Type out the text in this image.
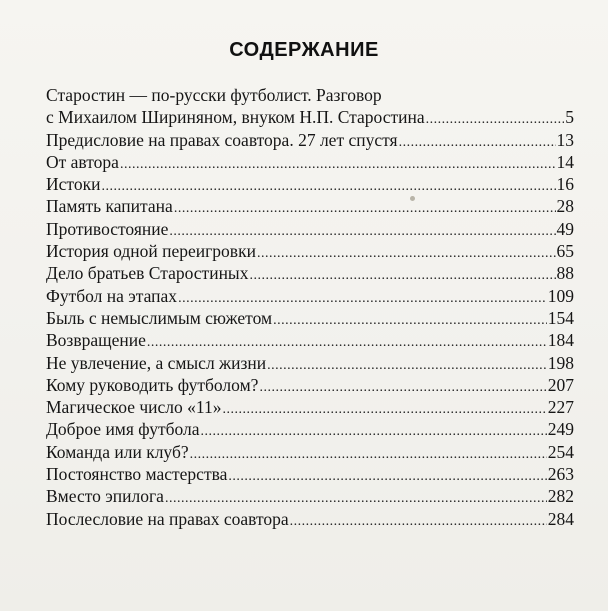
СОДЕРЖАНИЕ
Старостин — по-русски футболист. Разговор
с Михаилом Шириняном, внуком Н.П. Старостина . . .	5
Предисловие на правах соавтора. 27 лет спустя . . .	13
От автора . . .	14
Истоки . . .	16
Память капитана . . .	28
Противостояние . . .	49
История одной переигровки . . .	65
Дело братьев Старостиных . . .	88
Футбол на этапах . . .	109
Быль с немыслимым сюжетом . . .	154
Возвращение . . .	184
Не увлечение, а смысл жизни . . .	198
Кому руководить футболом? . . .	207
Магическое число «11» . . .	227
Доброе имя футбола . . .	249
Команда или клуб? . . .	254
Постоянство мастерства . . .	263
Вместо эпилога . . .	282
Послесловие на правах соавтора . . .	284
